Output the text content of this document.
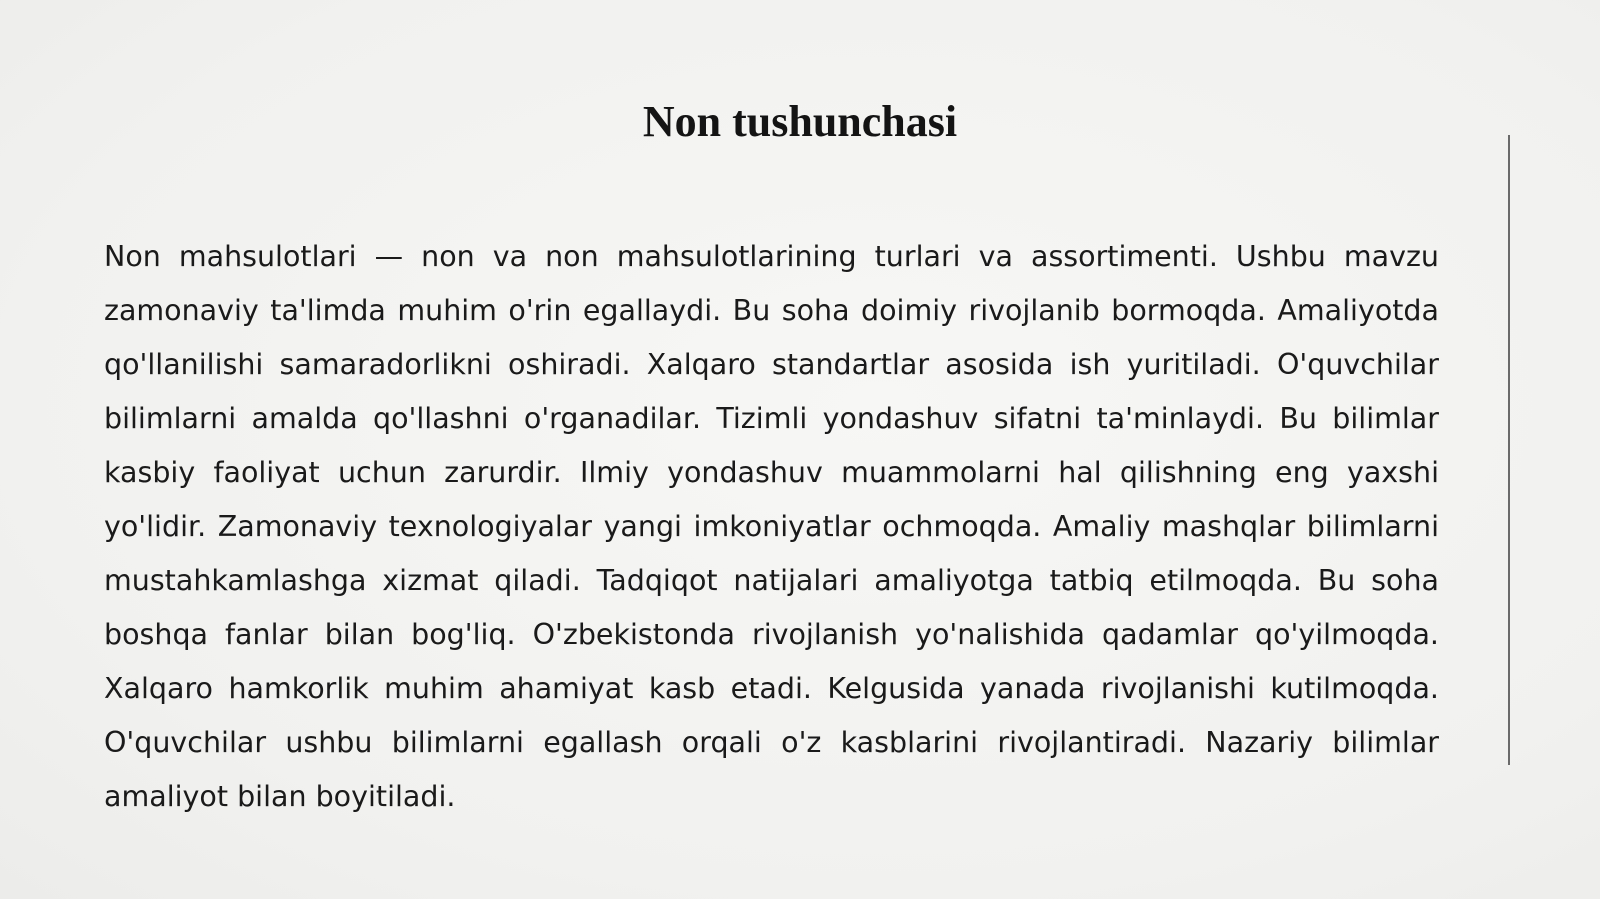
Non tushunchasi

Non mahsulotlari — non va non mahsulotlarining turlari va assortimenti. Ushbu mavzu zamonaviy ta'limda muhim o'rin egallaydi. Bu soha doimiy rivojlanib bormoqda. Amaliyotda qo'llanilishi samaradorlikni oshiradi. Xalqaro standartlar asosida ish yuritiladi. O'quvchilar bilimlarni amalda qo'llashni o'rganadilar. Tizimli yondashuv sifatni ta'minlaydi. Bu bilimlar kasbiy faoliyat uchun zarurdir. Ilmiy yondashuv muammolarni hal qilishning eng yaxshi yo'lidir. Zamonaviy texnologiyalar yangi imkoniyatlar ochmoqda. Amaliy mashqlar bilimlarni mustahkamlashga xizmat qiladi. Tadqiqot natijalari amaliyotga tatbiq etilmoqda. Bu soha boshqa fanlar bilan bog'liq. O'zbekistonda rivojlanish yo'nalishida qadamlar qo'yilmoqda. Xalqaro hamkorlik muhim ahamiyat kasb etadi. Kelgusida yanada rivojlanishi kutilmoqda. O'quvchilar ushbu bilimlarni egallash orqali o'z kasblarini rivojlantiradi. Nazariy bilimlar amaliyot bilan boyitiladi.
